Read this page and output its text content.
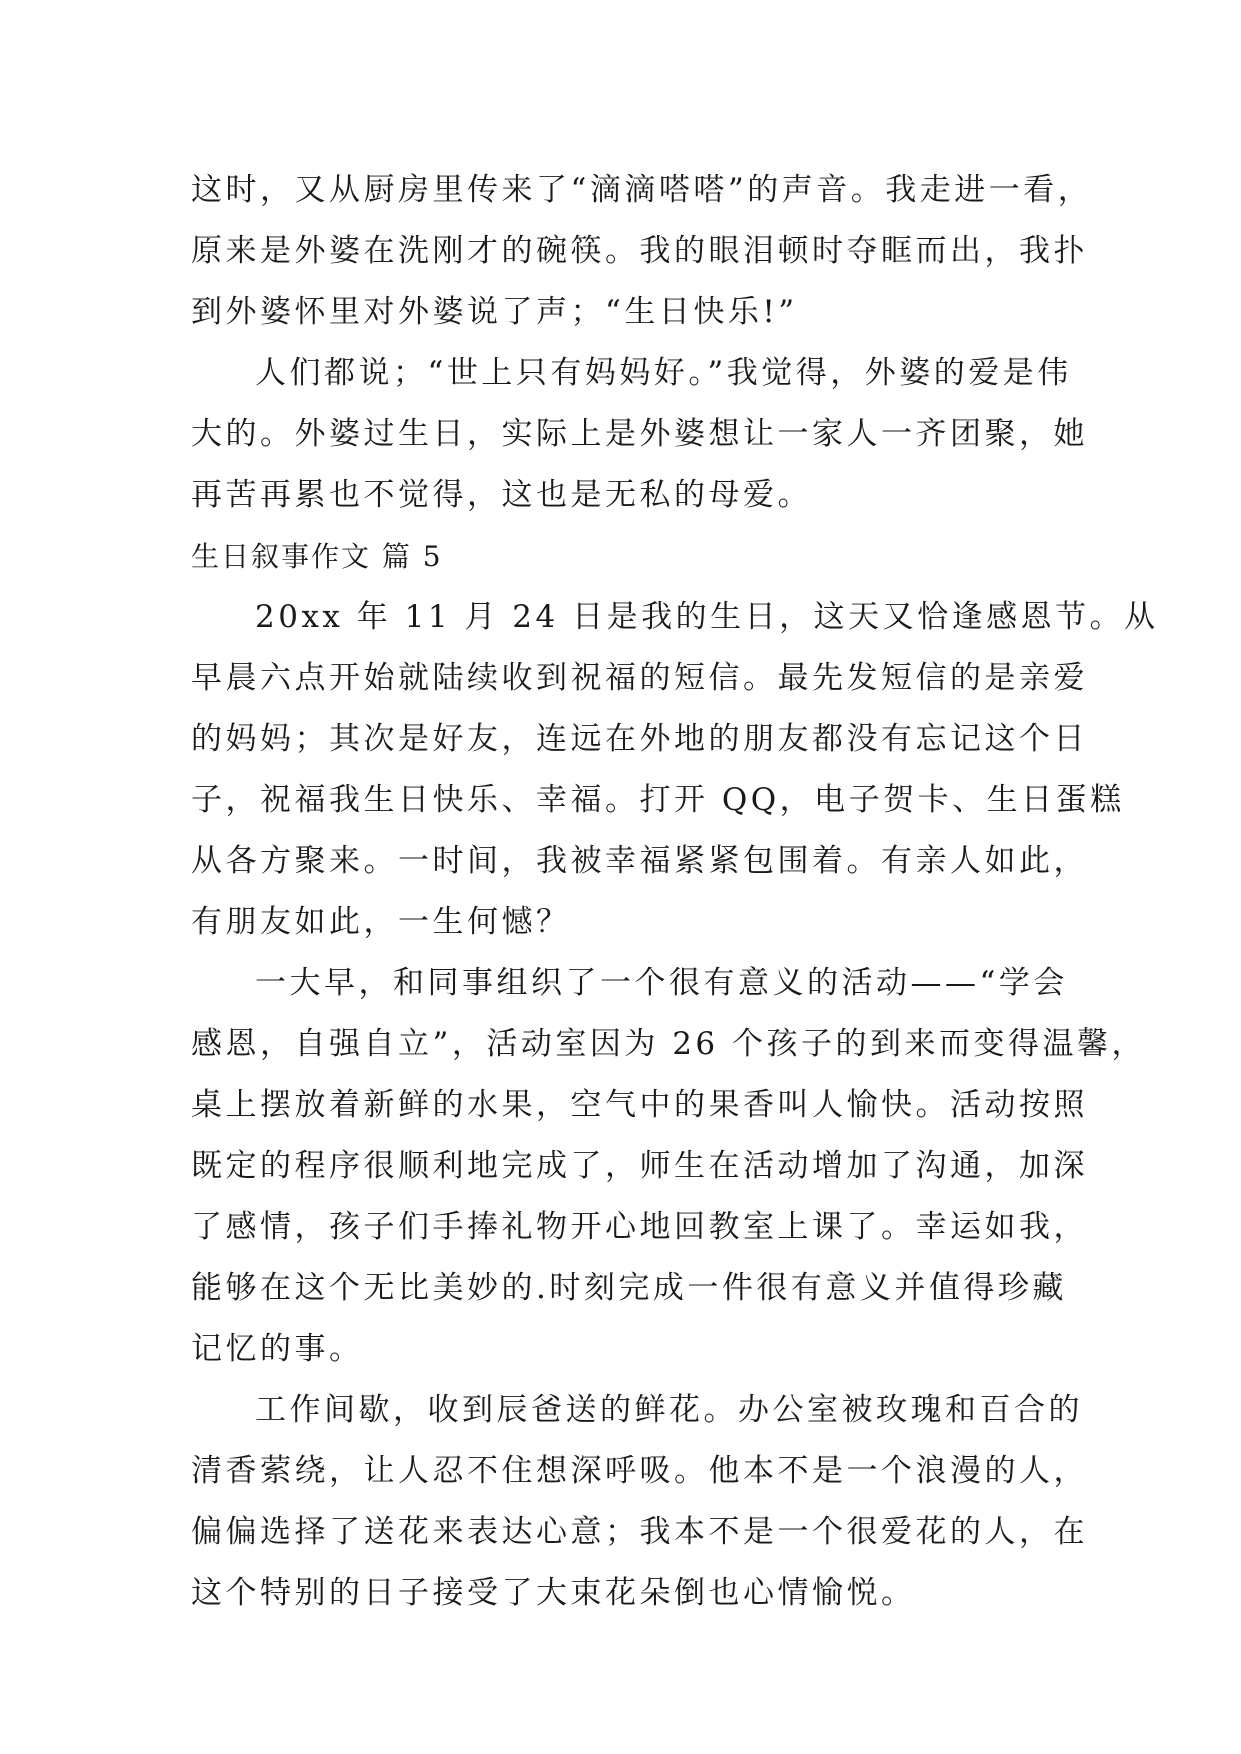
这时，又从厨房里传来了“滴滴嗒嗒”的声音。我走进一看，
原来是外婆在洗刚才的碗筷。我的眼泪顿时夺眶而出，我扑
到外婆怀里对外婆说了声；“生日快乐!”
人们都说；“世上只有妈妈好。”我觉得，外婆的爱是伟
大的。外婆过生日，实际上是外婆想让一家人一齐团聚，她
再苦再累也不觉得，这也是无私的母爱。
生日叙事作文 篇 5
20xx 年 11 月 24 日是我的生日，这天又恰逢感恩节。从
早晨六点开始就陆续收到祝福的短信。最先发短信的是亲爱
的妈妈；其次是好友，连远在外地的朋友都没有忘记这个日
子，祝福我生日快乐、幸福。打开 QQ，电子贺卡、生日蛋糕
从各方聚来。一时间，我被幸福紧紧包围着。有亲人如此，
有朋友如此，一生何憾？
一大早，和同事组织了一个很有意义的活动——“学会
感恩，自强自立”，活动室因为 26 个孩子的到来而变得温馨，
桌上摆放着新鲜的水果，空气中的果香叫人愉快。活动按照
既定的程序很顺利地完成了，师生在活动增加了沟通，加深
了感情，孩子们手捧礼物开心地回教室上课了。幸运如我，
能够在这个无比美妙的.时刻完成一件很有意义并值得珍藏
记忆的事。
工作间歇，收到辰爸送的鲜花。办公室被玫瑰和百合的
清香萦绕，让人忍不住想深呼吸。他本不是一个浪漫的人，
偏偏选择了送花来表达心意；我本不是一个很爱花的人，在
这个特别的日子接受了大束花朵倒也心情愉悦。
